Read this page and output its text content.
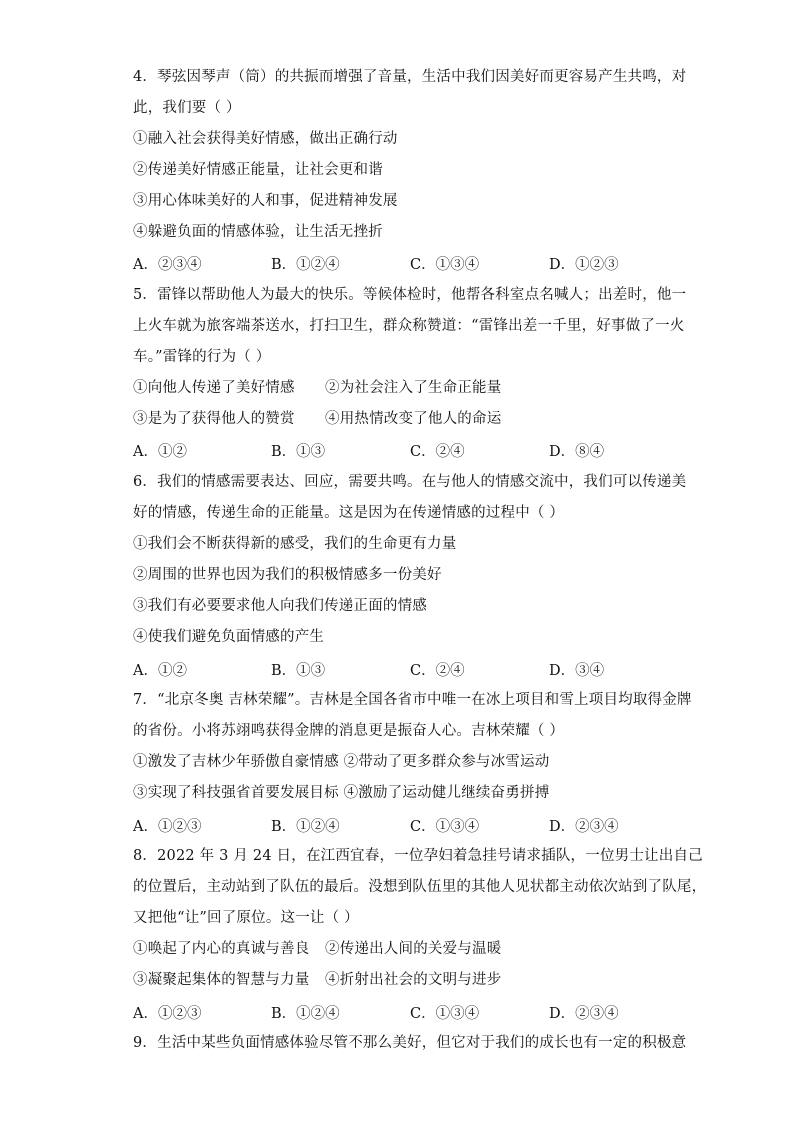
4．琴弦因琴声（筒）的共振而增强了音量，生活中我们因美好而更容易产生共鸣，对
此，我们要（ ）
①融入社会获得美好情感，做出正确行动
②传递美好情感正能量，让社会更和谐
③用心体味美好的人和事，促进精神发展
④躲避负面的情感体验，让生活无挫折
A．②③④	B．①②④	C．①③④	D．①②③
5．雷锋以帮助他人为最大的快乐。等候体检时，他帮各科室点名喊人；出差时，他一
上火车就为旅客端茶送水，打扫卫生，群众称赞道：“雷锋出差一千里，好事做了一火
车。”雷锋的行为（ ）
①向他人传递了美好情感 ②为社会注入了生命正能量
③是为了获得他人的赞赏 ④用热情改变了他人的命运
A．①②	B．①③	C．②④	D．⑧④
6．我们的情感需要表达、回应，需要共鸣。在与他人的情感交流中，我们可以传递美
好的情感，传递生命的正能量。这是因为在传递情感的过程中（ ）
①我们会不断获得新的感受，我们的生命更有力量
②周围的世界也因为我们的积极情感多一份美好
③我们有必要要求他人向我们传递正面的情感
④使我们避免负面情感的产生
A．①②	B．①③	C．②④	D．③④
7．“北京冬奥 吉林荣耀”。吉林是全国各省市中唯一在冰上项目和雪上项目均取得金牌
的省份。小将苏翊鸣获得金牌的消息更是振奋人心。吉林荣耀（ ）
①激发了吉林少年骄傲自豪情感 ②带动了更多群众参与冰雪运动
③实现了科技强省首要发展目标 ④激励了运动健儿继续奋勇拼搏
A．①②③	B．①②④	C．①③④	D．②③④
8．2022 年 3 月 24 日，在江西宜春，一位孕妇着急挂号请求插队，一位男士让出自己
的位置后，主动站到了队伍的最后。没想到队伍里的其他人见状都主动依次站到了队尾，
又把他“让”回了原位。这一让（ ）
①唤起了内心的真诚与善良 ②传递出人间的关爱与温暖
③凝聚起集体的智慧与力量 ④折射出社会的文明与进步
A．①②③	B．①②④	C．①③④	D．②③④
9．生活中某些负面情感体验尽管不那么美好，但它对于我们的成长也有一定的积极意
